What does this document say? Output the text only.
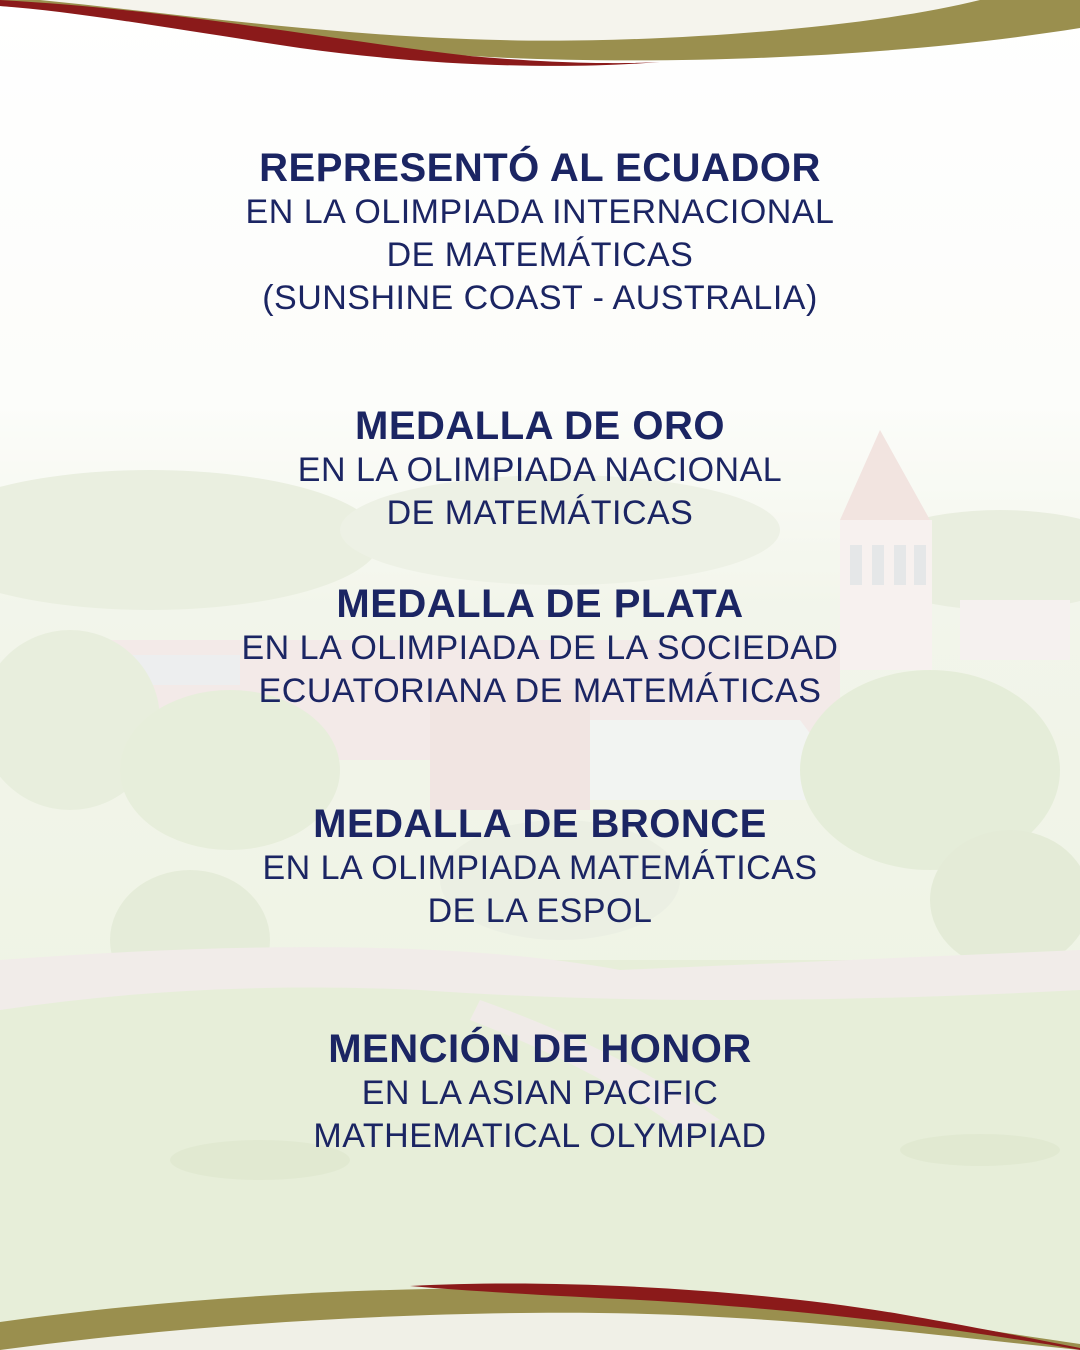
REPRESENTÓ AL ECUADOR
EN LA OLIMPIADA INTERNACIONAL
DE MATEMÁTICAS
(SUNSHINE COAST - AUSTRALIA)
MEDALLA DE ORO
EN LA OLIMPIADA NACIONAL
DE MATEMÁTICAS
MEDALLA DE PLATA
EN LA OLIMPIADA DE LA SOCIEDAD
ECUATORIANA DE MATEMÁTICAS
MEDALLA DE BRONCE
EN LA OLIMPIADA MATEMÁTICAS
DE LA ESPOL
MENCIÓN DE HONOR
EN LA ASIAN PACIFIC
MATHEMATICAL OLYMPIAD
